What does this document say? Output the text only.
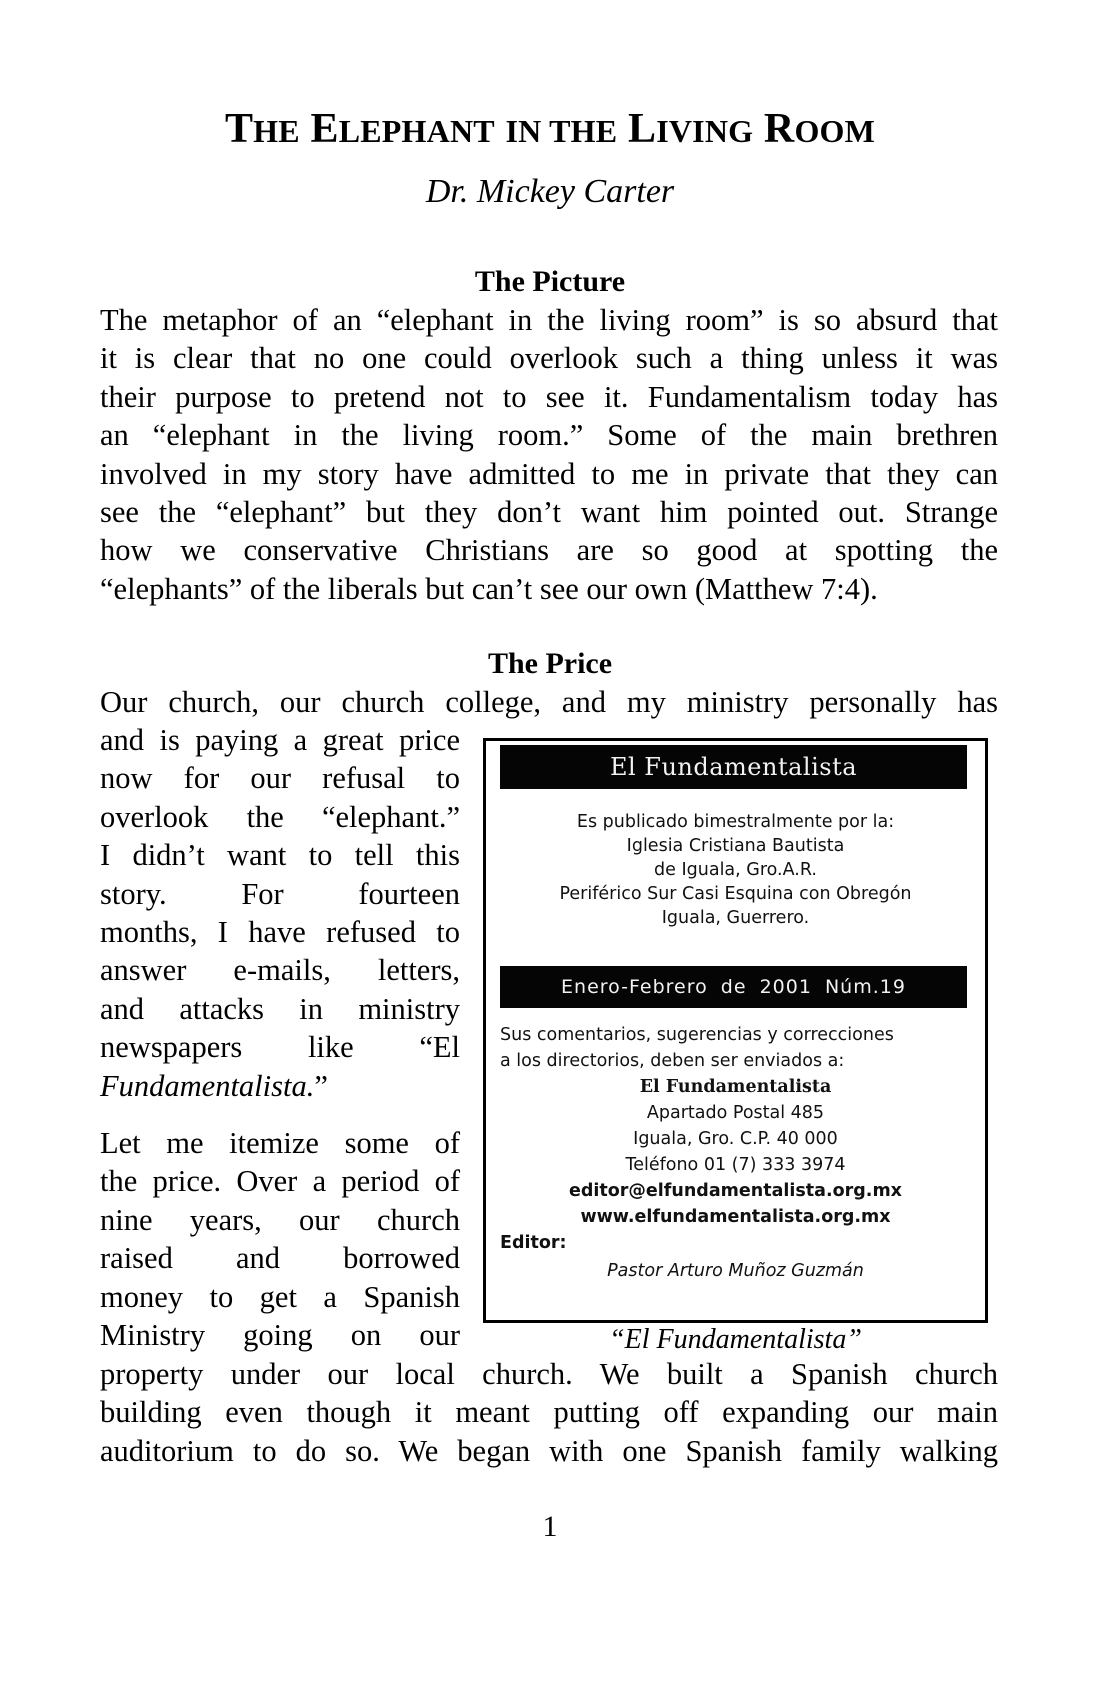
THE ELEPHANT IN THE LIVING ROOM
Dr. Mickey Carter
The Picture
The metaphor of an “elephant in the living room” is so absurd that
it is clear that no one could overlook such a thing unless it was
their purpose to pretend not to see it. Fundamentalism today has
an “elephant in the living room.” Some of the main brethren
involved in my story have admitted to me in private that they can
see the “elephant” but they don’t want him pointed out. Strange
how we conservative Christians are so good at spotting the
“elephants” of the liberals but can’t see our own (Matthew 7:4).
The Price
Our church, our church college, and my ministry personally has
and is paying a great price
now for our refusal to
overlook the “elephant.”
I didn’t want to tell this
story. For fourteen
months, I have refused to
answer e-mails, letters,
and attacks in ministry
newspapers like “El
Fundamentalista.”
Let me itemize some of
the price. Over a period of
nine years, our church
raised and borrowed
money to get a Spanish
Ministry going on our
property under our local church. We built a Spanish church
building even though it meant putting off expanding our main
auditorium to do so. We began with one Spanish family walking
El Fundamentalista
Es publicado bimestralmente por la:
Iglesia Cristiana Bautista
de Iguala, Gro.A.R.
Periférico Sur Casi Esquina con Obregón
Iguala, Guerrero.
Enero-Febrero de 2001 Núm.19
Sus comentarios, sugerencias y correcciones
a los directorios, deben ser enviados a:
El Fundamentalista
Apartado Postal 485
Iguala, Gro. C.P. 40 000
Teléfono 01 (7) 333 3974
editor@elfundamentalista.org.mx
www.elfundamentalista.org.mx
Editor:
Pastor Arturo Muñoz Guzmán
“El Fundamentalista”
1
